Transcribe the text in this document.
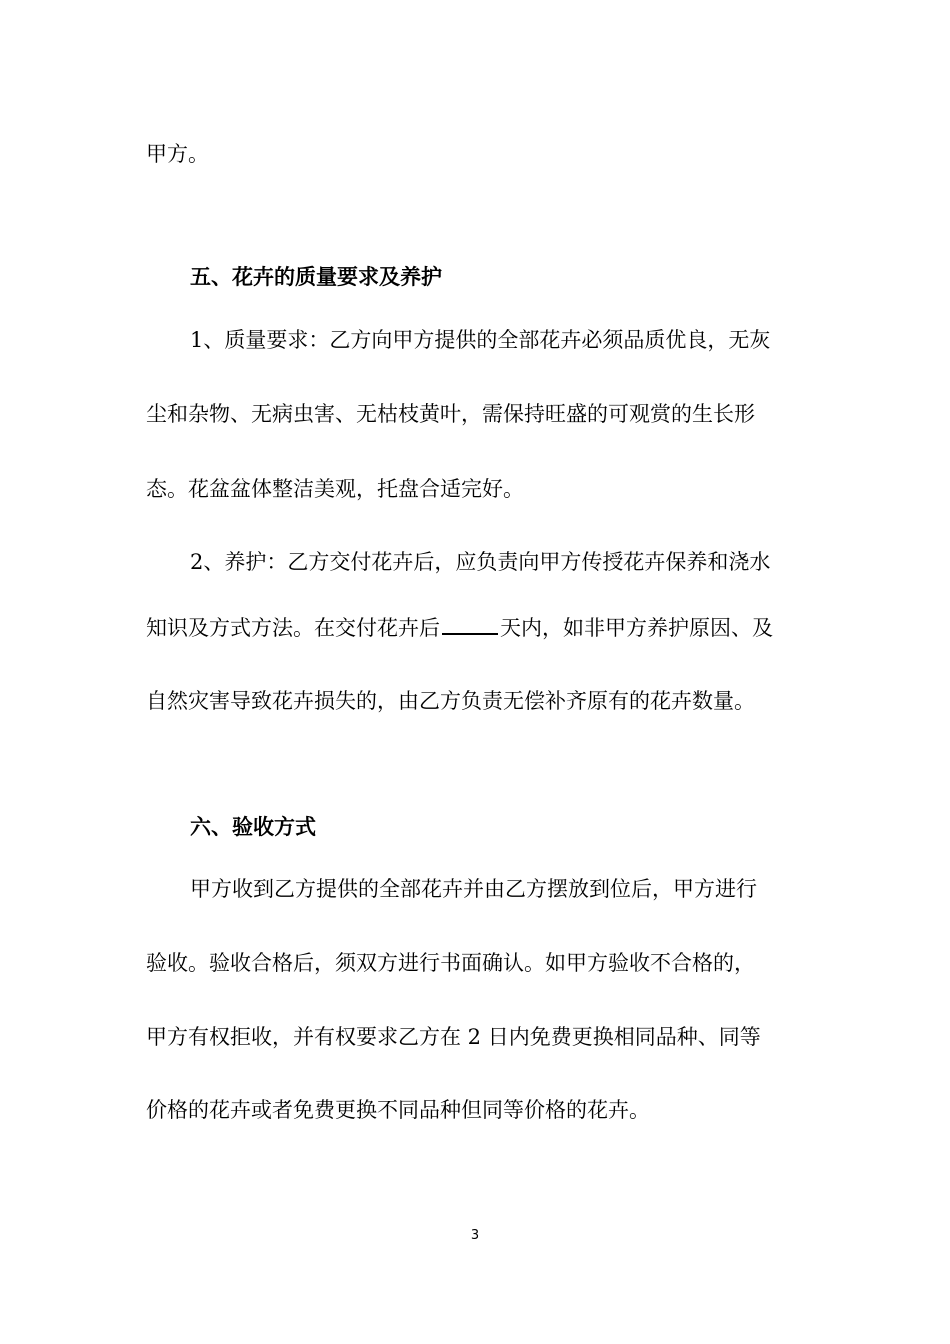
甲方。
五、花卉的质量要求及养护
1、质量要求：乙方向甲方提供的全部花卉必须品质优良，无灰
尘和杂物、无病虫害、无枯枝黄叶，需保持旺盛的可观赏的生长形
态。花盆盆体整洁美观，托盘合适完好。
2、养护：乙方交付花卉后，应负责向甲方传授花卉保养和浇水
知识及方式方法。在交付花卉后	天内，如非甲方养护原因、及
自然灾害导致花卉损失的，由乙方负责无偿补齐原有的花卉数量。
六、验收方式
甲方收到乙方提供的全部花卉并由乙方摆放到位后，甲方进行
验收。验收合格后，须双方进行书面确认。如甲方验收不合格的，
甲方有权拒收，并有权要求乙方在 2 日内免费更换相同品种、同等
价格的花卉或者免费更换不同品种但同等价格的花卉。
3
